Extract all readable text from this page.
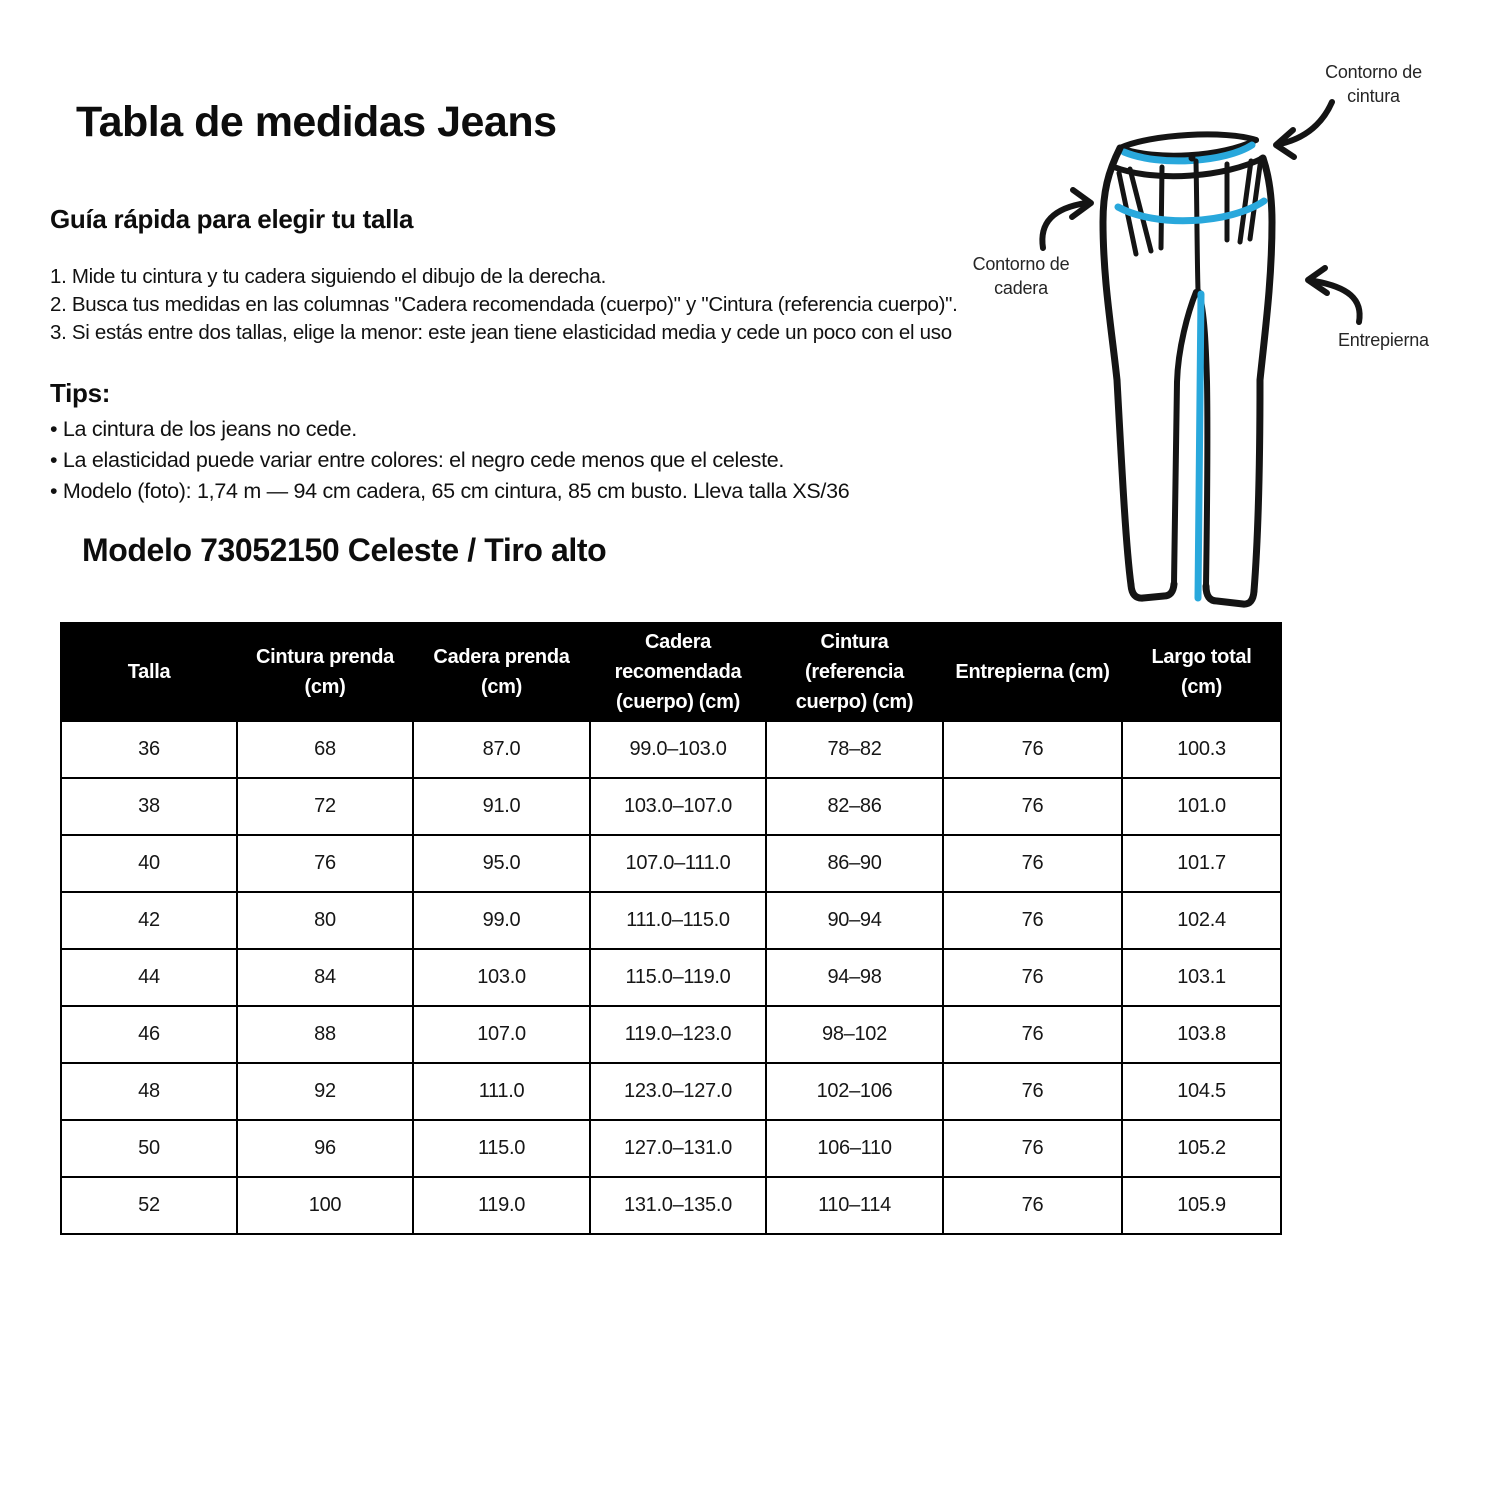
Tabla de medidas Jeans
Guía rápida para elegir tu talla
1. Mide tu cintura y tu cadera siguiendo el dibujo de la derecha.
2. Busca tus medidas en las columnas "Cadera recomendada (cuerpo)" y "Cintura (referencia cuerpo)".
3. Si estás entre dos tallas, elige la menor: este jean tiene elasticidad media y cede un poco con el uso
Tips:
• La cintura de los jeans no cede.
• La elasticidad puede variar entre colores: el negro cede menos que el celeste.
• Modelo (foto): 1,74 m — 94 cm cadera, 65 cm cintura, 85 cm busto. Lleva talla XS/36
Modelo 73052150 Celeste / Tiro alto
Talla	Cintura prenda (cm)	Cadera prenda (cm)	Cadera recomendada (cuerpo) (cm)	Cintura (referencia cuerpo) (cm)	Entrepierna (cm)	Largo total (cm)
36	68	87.0	99.0–103.0	78–82	76	100.3
38	72	91.0	103.0–107.0	82–86	76	101.0
40	76	95.0	107.0–111.0	86–90	76	101.7
42	80	99.0	111.0–115.0	90–94	76	102.4
44	84	103.0	115.0–119.0	94–98	76	103.1
46	88	107.0	119.0–123.0	98–102	76	103.8
48	92	111.0	123.0–127.0	102–106	76	104.5
50	96	115.0	127.0–131.0	106–110	76	105.2
52	100	119.0	131.0–135.0	110–114	76	105.9
Contorno de cintura
Contorno de cadera
Entrepierna
